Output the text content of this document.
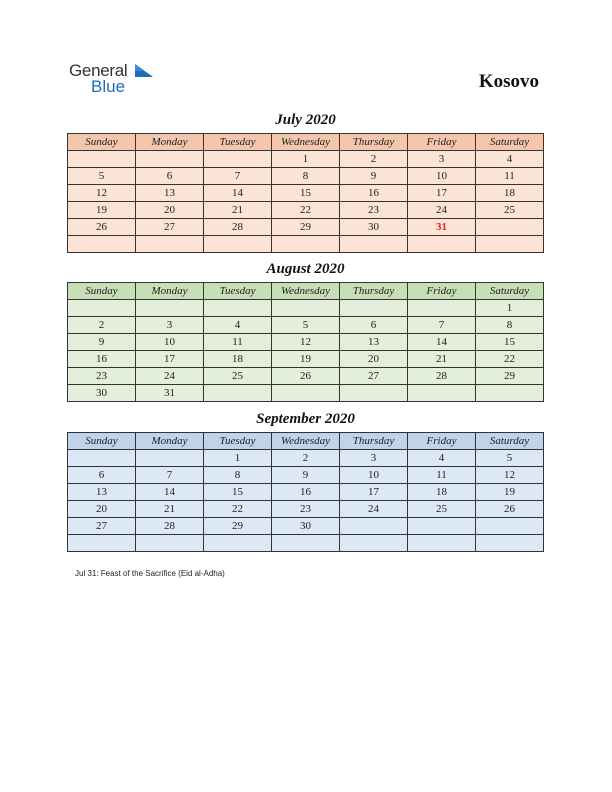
General
Blue	Kosovo
July 2020
Sunday	Monday	Tuesday	Wednesday	Thursday	Friday	Saturday
			1	2	3	4
5	6	7	8	9	10	11
12	13	14	15	16	17	18
19	20	21	22	23	24	25
26	27	28	29	30	31	

August 2020
Sunday	Monday	Tuesday	Wednesday	Thursday	Friday	Saturday
						1
2	3	4	5	6	7	8
9	10	11	12	13	14	15
16	17	18	19	20	21	22
23	24	25	26	27	28	29
30	31					
September 2020
Sunday	Monday	Tuesday	Wednesday	Thursday	Friday	Saturday
		1	2	3	4	5
6	7	8	9	10	11	12
13	14	15	16	17	18	19
20	21	22	23	24	25	26
27	28	29	30			

Jul 31: Feast of the Sacrifice (Eid al-Adha)
